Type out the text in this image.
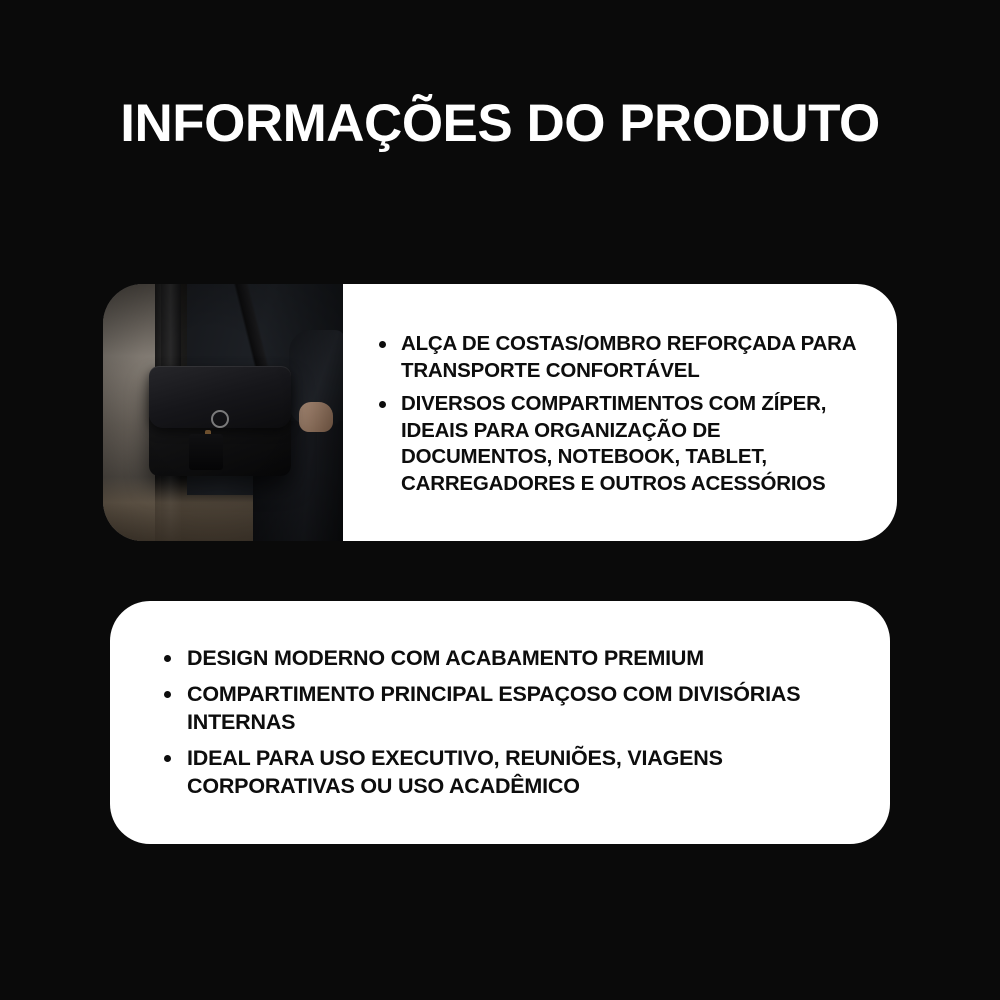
INFORMAÇÕES DO PRODUTO
ALÇA DE COSTAS/OMBRO REFORÇADA PARA TRANSPORTE CONFORTÁVEL
DIVERSOS COMPARTIMENTOS COM ZÍPER, IDEAIS PARA ORGANIZAÇÃO DE DOCUMENTOS, NOTEBOOK, TABLET, CARREGADORES E OUTROS ACESSÓRIOS
DESIGN MODERNO COM ACABAMENTO PREMIUM
COMPARTIMENTO PRINCIPAL ESPAÇOSO COM DIVISÓRIAS INTERNAS
IDEAL PARA USO EXECUTIVO, REUNIÕES, VIAGENS CORPORATIVAS OU USO ACADÊMICO
